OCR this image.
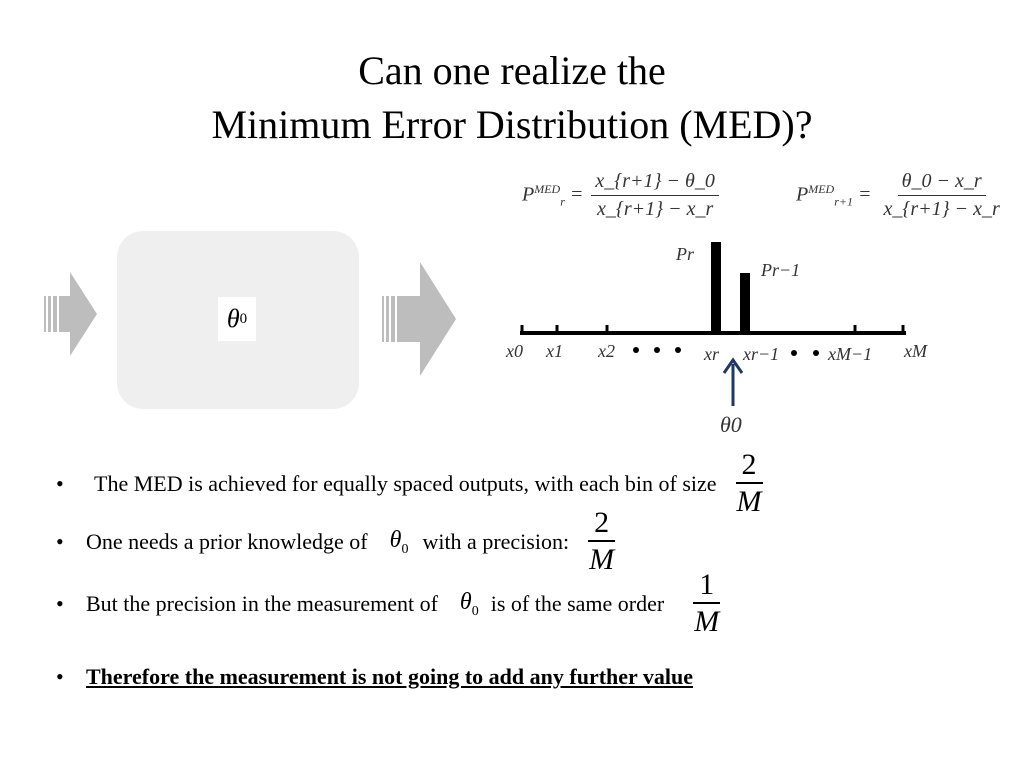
Can one realize the
Minimum Error Distribution (MED)?
$P^{MED}_r = \frac{x\_\{r+1\} - \theta\_0}{x\_\{r+1\} - x\_r}$	$P^{MED}_{r+1} = \frac{\theta\_0 - x\_r}{x\_\{r+1\} - x\_r}$
θ 0
x0 x1 x2	xr xr−1	xM−1 xM
Pr
Pr−1
θ0
•	The MED is achieved for equally spaced outputs, with each bin of size $\frac{2}{M}$
•	One needs a prior knowledge of $\theta_0$ with a precision: $\frac{2}{M}$
•	But the precision in the measurement of $\theta_0$ is of the same order $\frac{1}{M}$
•	Therefore the measurement is not going to add any further value
